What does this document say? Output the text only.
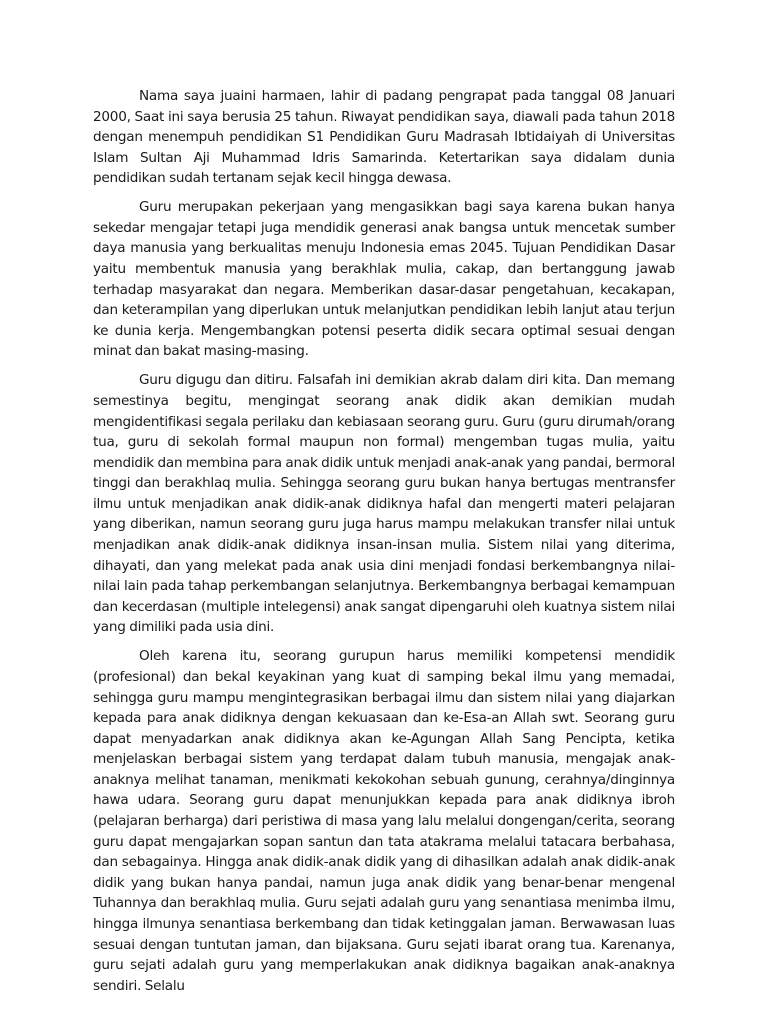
Nama saya juaini harmaen, lahir di padang pengrapat pada tanggal 08 Januari 2000, Saat ini saya berusia 25 tahun. Riwayat pendidikan saya, diawali pada tahun 2018 dengan menempuh pendidikan S1 Pendidikan Guru Madrasah Ibtidaiyah di Universitas Islam Sultan Aji Muhammad Idris Samarinda. Ketertarikan saya didalam dunia pendidikan sudah tertanam sejak kecil hingga dewasa.

Guru merupakan pekerjaan yang mengasikkan bagi saya karena bukan hanya sekedar mengajar tetapi juga mendidik generasi anak bangsa untuk mencetak sumber daya manusia yang berkualitas menuju Indonesia emas 2045. Tujuan Pendidikan Dasar yaitu membentuk manusia yang berakhlak mulia, cakap, dan bertanggung jawab terhadap masyarakat dan negara. Memberikan dasar-dasar pengetahuan, kecakapan, dan keterampilan yang diperlukan untuk melanjutkan pendidikan lebih lanjut atau terjun ke dunia kerja. Mengembangkan potensi peserta didik secara optimal sesuai dengan minat dan bakat masing-masing.

Guru digugu dan ditiru. Falsafah ini demikian akrab dalam diri kita. Dan memang semestinya begitu, mengingat seorang anak didik akan demikian mudah mengidentifikasi segala perilaku dan kebiasaan seorang guru. Guru (guru dirumah/orang tua, guru di sekolah formal maupun non formal) mengemban tugas mulia, yaitu mendidik dan membina para anak didik untuk menjadi anak-anak yang pandai, bermoral tinggi dan berakhlaq mulia. Sehingga seorang guru bukan hanya bertugas mentransfer ilmu untuk menjadikan anak didik-anak didiknya hafal dan mengerti materi pelajaran yang diberikan, namun seorang guru juga harus mampu melakukan transfer nilai untuk menjadikan anak didik-anak didiknya insan-insan mulia. Sistem nilai yang diterima, dihayati, dan yang melekat pada anak usia dini menjadi fondasi berkembangnya nilai-nilai lain pada tahap perkembangan selanjutnya. Berkembangnya berbagai kemampuan dan kecerdasan (multiple intelegensi) anak sangat dipengaruhi oleh kuatnya sistem nilai yang dimiliki pada usia dini.

Oleh karena itu, seorang gurupun harus memiliki kompetensi mendidik (profesional) dan bekal keyakinan yang kuat di samping bekal ilmu yang memadai, sehingga guru mampu mengintegrasikan berbagai ilmu dan sistem nilai yang diajarkan kepada para anak didiknya dengan kekuasaan dan ke-Esa-an Allah swt. Seorang guru dapat menyadarkan anak didiknya akan ke-Agungan Allah Sang Pencipta, ketika menjelaskan berbagai sistem yang terdapat dalam tubuh manusia, mengajak anak-anaknya melihat tanaman, menikmati kekokohan sebuah gunung, cerahnya/dinginnya hawa udara. Seorang guru dapat menunjukkan kepada para anak didiknya ibroh (pelajaran berharga) dari peristiwa di masa yang lalu melalui dongengan/cerita, seorang guru dapat mengajarkan sopan santun dan tata atakrama melalui tatacara berbahasa, dan sebagainya. Hingga anak didik-anak didik yang di dihasilkan adalah anak didik-anak didik yang bukan hanya pandai, namun juga anak didik yang benar-benar mengenal Tuhannya dan berakhlaq mulia. Guru sejati adalah guru yang senantiasa menimba ilmu, hingga ilmunya senantiasa berkembang dan tidak ketinggalan jaman. Berwawasan luas sesuai dengan tuntutan jaman, dan bijaksana. Guru sejati ibarat orang tua. Karenanya, guru sejati adalah guru yang memperlakukan anak didiknya bagaikan anak-anaknya sendiri. Selalu
